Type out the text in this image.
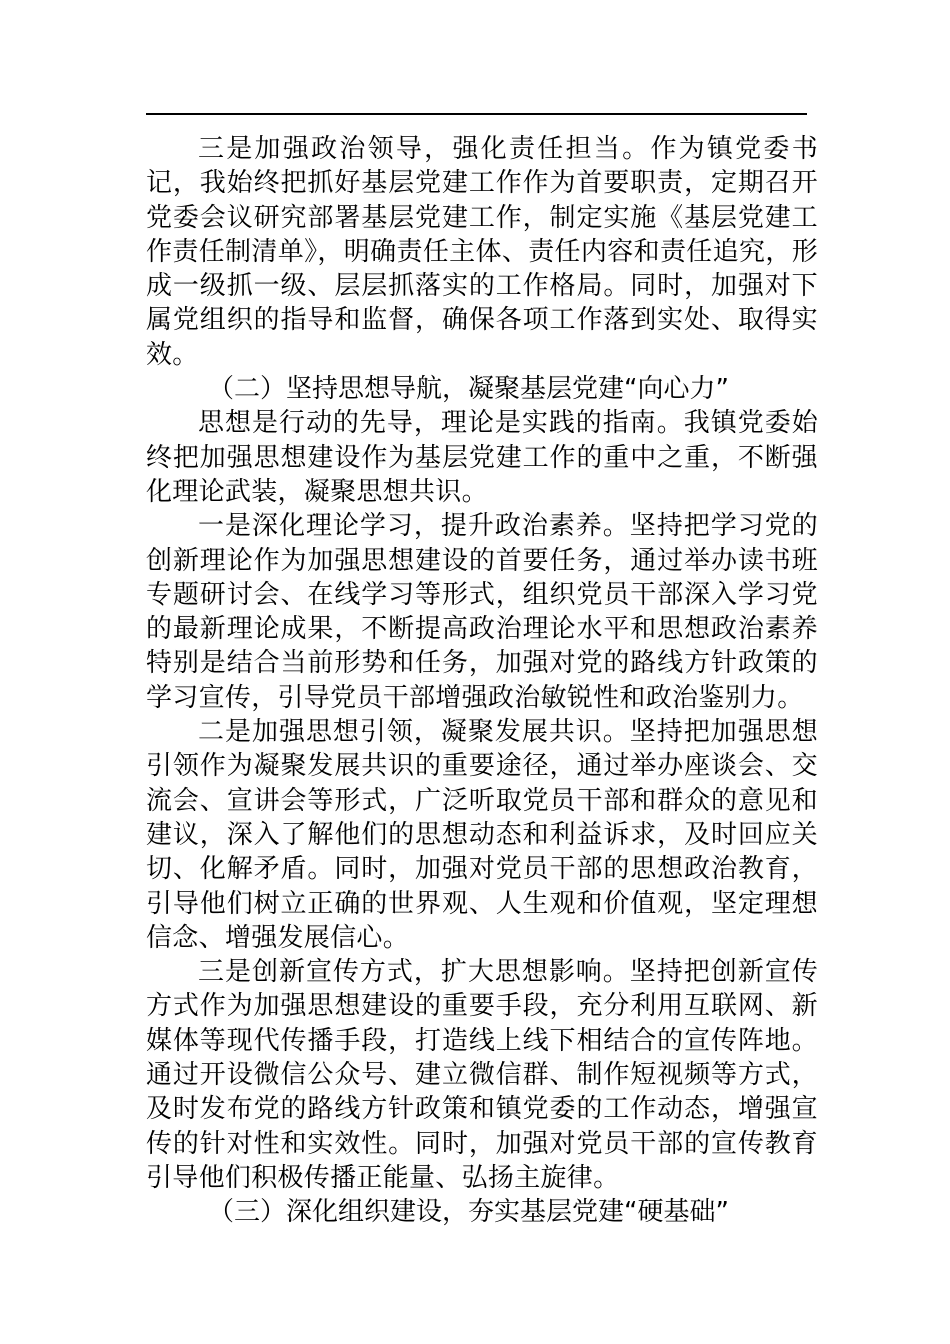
三是加强政治领导，强化责任担当。作为镇党委书记，我始终把抓好基层党建工作作为首要职责，定期召开党委会议研究部署基层党建工作，制定实施《基层党建工作责任制清单》，明确责任主体、责任内容和责任追究，形成一级抓一级、层层抓落实的工作格局。同时，加强对下属党组织的指导和监督，确保各项工作落到实处、取得实效。

（二）坚持思想导航，凝聚基层党建“向心力”

思想是行动的先导，理论是实践的指南。我镇党委始终把加强思想建设作为基层党建工作的重中之重，不断强化理论武装，凝聚思想共识。

一是深化理论学习，提升政治素养。坚持把学习党的创新理论作为加强思想建设的首要任务，通过举办读书班专题研讨会、在线学习等形式，组织党员干部深入学习党的最新理论成果，不断提高政治理论水平和思想政治素养特别是结合当前形势和任务，加强对党的路线方针政策的学习宣传，引导党员干部增强政治敏锐性和政治鉴别力。

二是加强思想引领，凝聚发展共识。坚持把加强思想引领作为凝聚发展共识的重要途径，通过举办座谈会、交流会、宣讲会等形式，广泛听取党员干部和群众的意见和建议，深入了解他们的思想动态和利益诉求，及时回应关切、化解矛盾。同时，加强对党员干部的思想政治教育，引导他们树立正确的世界观、人生观和价值观，坚定理想信念、增强发展信心。

三是创新宣传方式，扩大思想影响。坚持把创新宣传方式作为加强思想建设的重要手段，充分利用互联网、新媒体等现代传播手段，打造线上线下相结合的宣传阵地。通过开设微信公众号、建立微信群、制作短视频等方式，及时发布党的路线方针政策和镇党委的工作动态，增强宣传的针对性和实效性。同时，加强对党员干部的宣传教育引导他们积极传播正能量、弘扬主旋律。

（三）深化组织建设，夯实基层党建“硬基础”
